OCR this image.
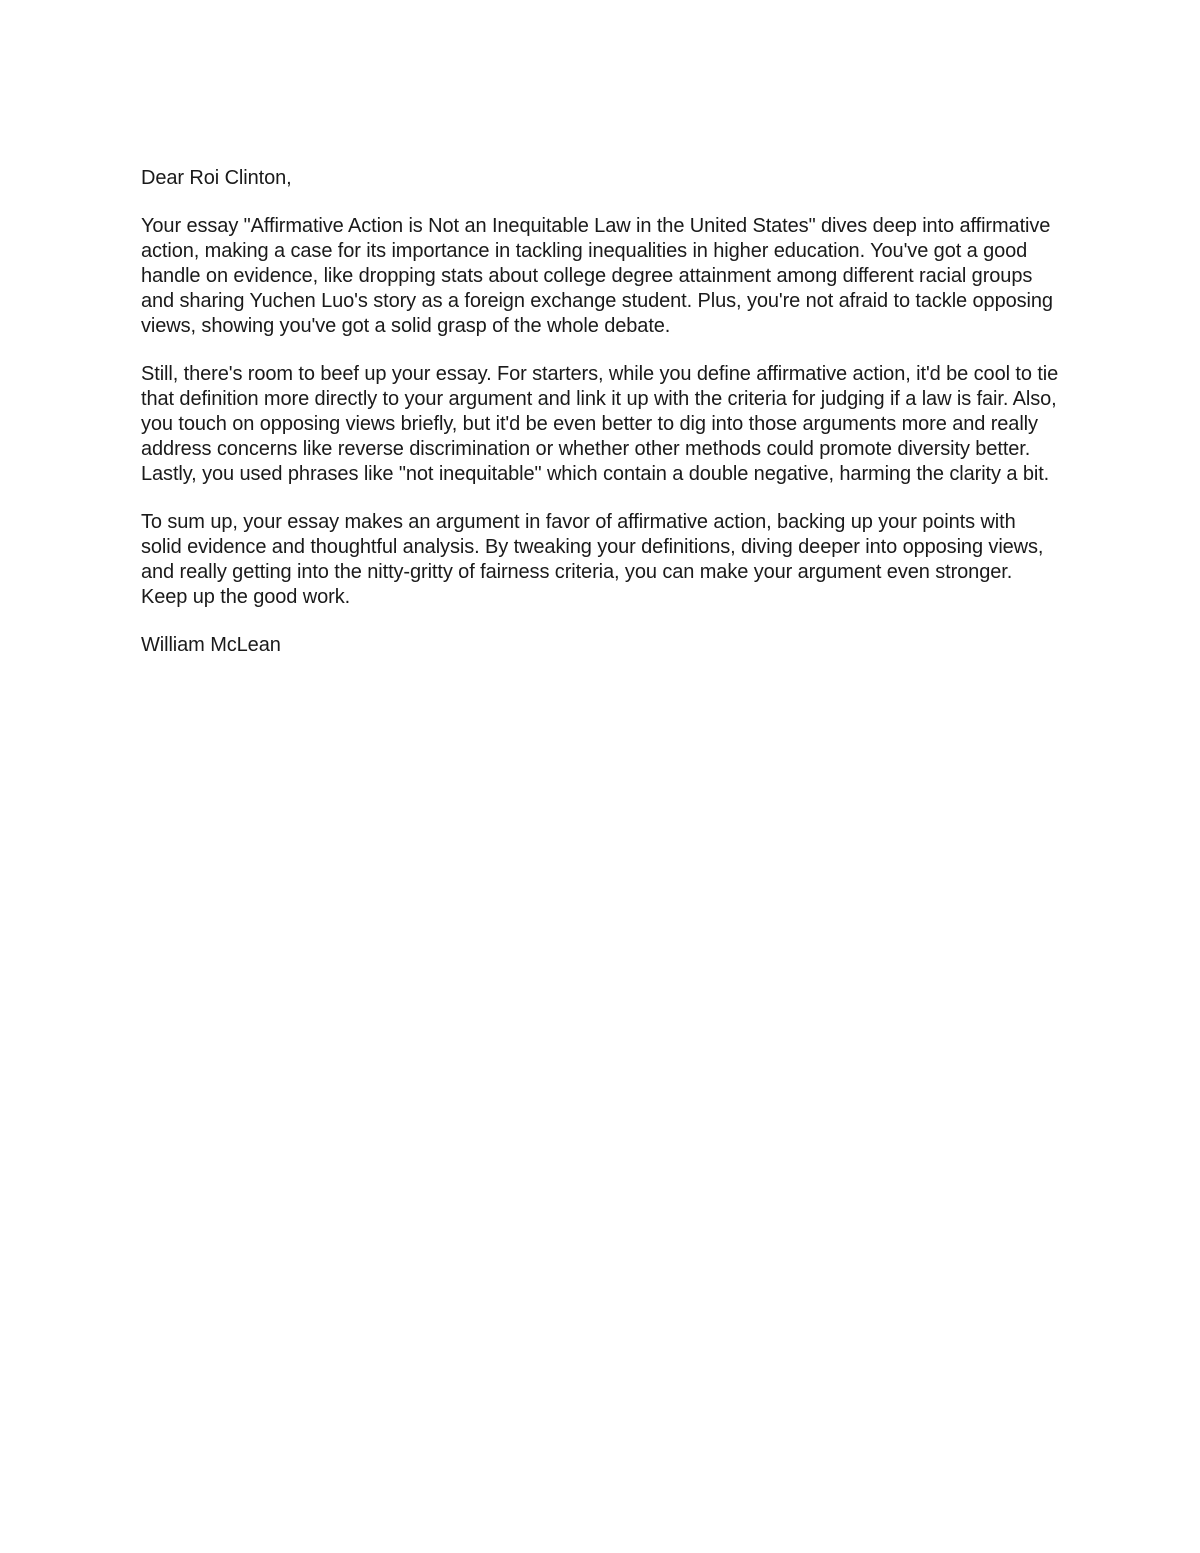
Dear Roi Clinton,

Your essay "Affirmative Action is Not an Inequitable Law in the United States" dives deep into affirmative action, making a case for its importance in tackling inequalities in higher education. You've got a good handle on evidence, like dropping stats about college degree attainment among different racial groups and sharing Yuchen Luo's story as a foreign exchange student. Plus, you're not afraid to tackle opposing views, showing you've got a solid grasp of the whole debate.

Still, there's room to beef up your essay. For starters, while you define affirmative action, it'd be cool to tie that definition more directly to your argument and link it up with the criteria for judging if a law is fair. Also, you touch on opposing views briefly, but it'd be even better to dig into those arguments more and really address concerns like reverse discrimination or whether other methods could promote diversity better. Lastly, you used phrases like "not inequitable" which contain a double negative, harming the clarity a bit.

To sum up, your essay makes an argument in favor of affirmative action, backing up your points with solid evidence and thoughtful analysis. By tweaking your definitions, diving deeper into opposing views, and really getting into the nitty-gritty of fairness criteria, you can make your argument even stronger. Keep up the good work.

William McLean
